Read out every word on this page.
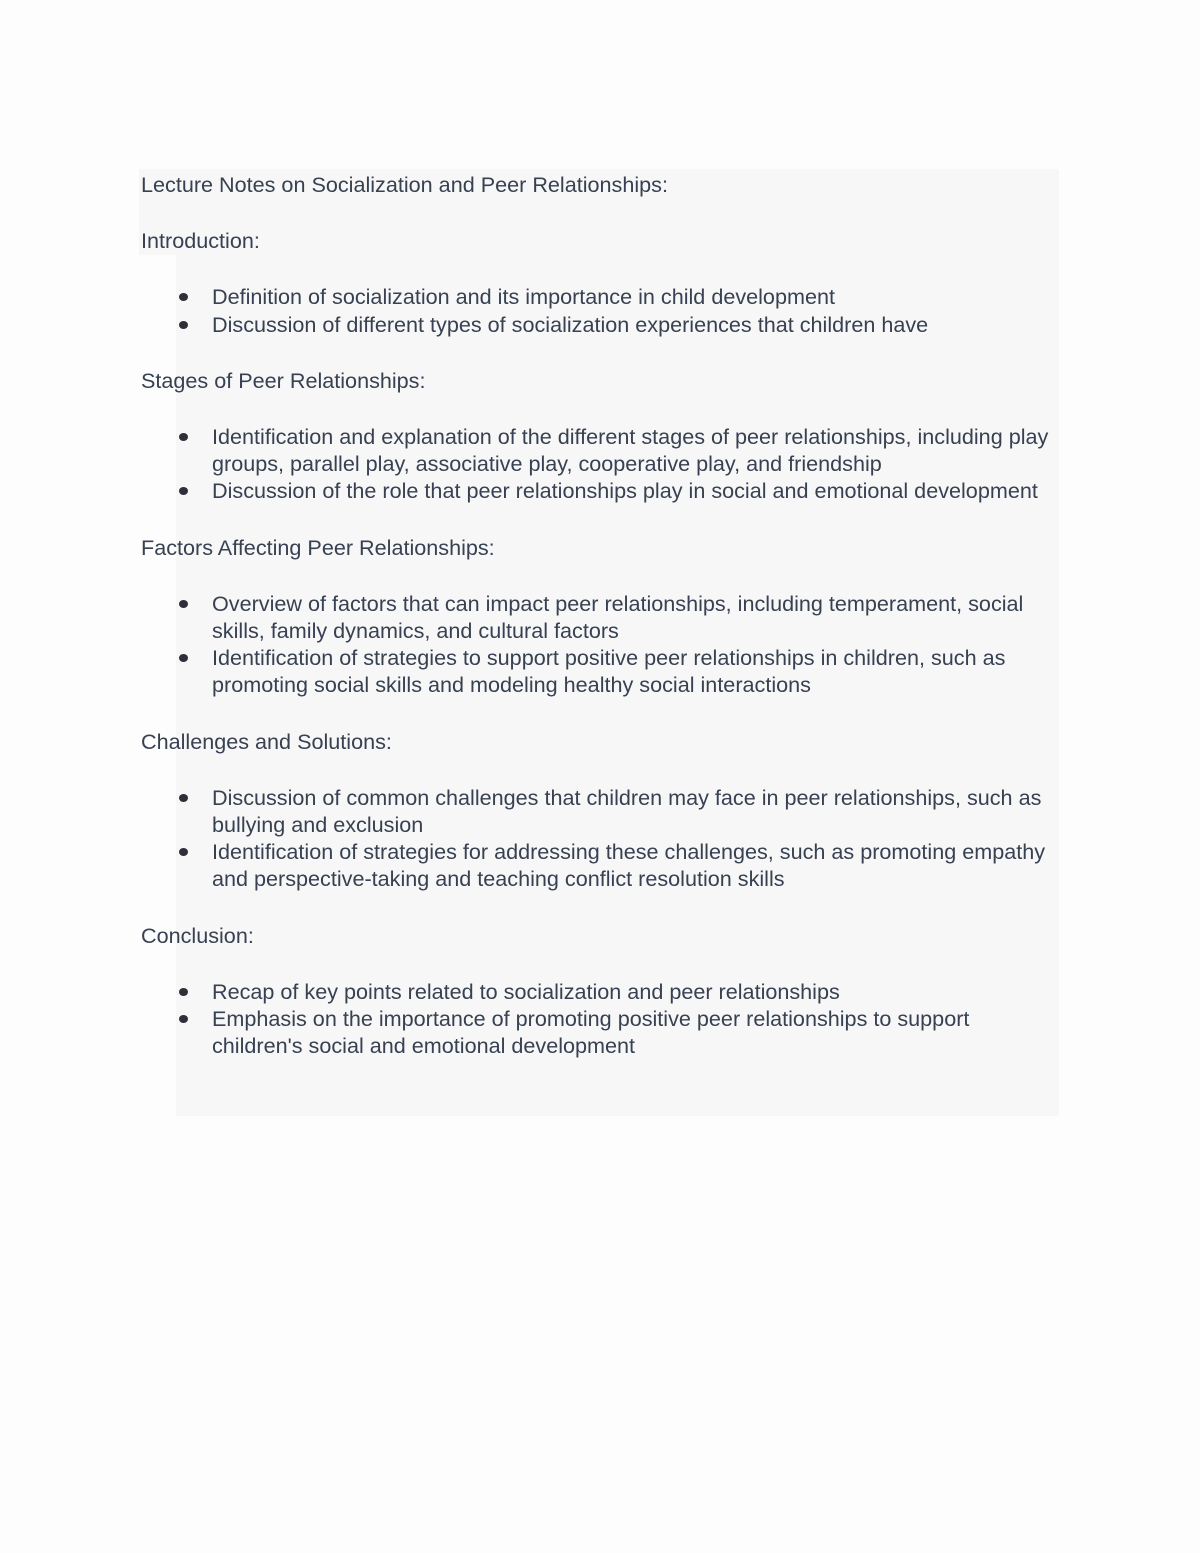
Lecture Notes on Socialization and Peer Relationships:

Introduction:

Definition of socialization and its importance in child development
Discussion of different types of socialization experiences that children have

Stages of Peer Relationships:

Identification and explanation of the different stages of peer relationships, including play groups, parallel play, associative play, cooperative play, and friendship
Discussion of the role that peer relationships play in social and emotional development

Factors Affecting Peer Relationships:

Overview of factors that can impact peer relationships, including temperament, social skills, family dynamics, and cultural factors
Identification of strategies to support positive peer relationships in children, such as promoting social skills and modeling healthy social interactions

Challenges and Solutions:

Discussion of common challenges that children may face in peer relationships, such as bullying and exclusion
Identification of strategies for addressing these challenges, such as promoting empathy and perspective-taking and teaching conflict resolution skills

Conclusion:

Recap of key points related to socialization and peer relationships
Emphasis on the importance of promoting positive peer relationships to support children's social and emotional development
